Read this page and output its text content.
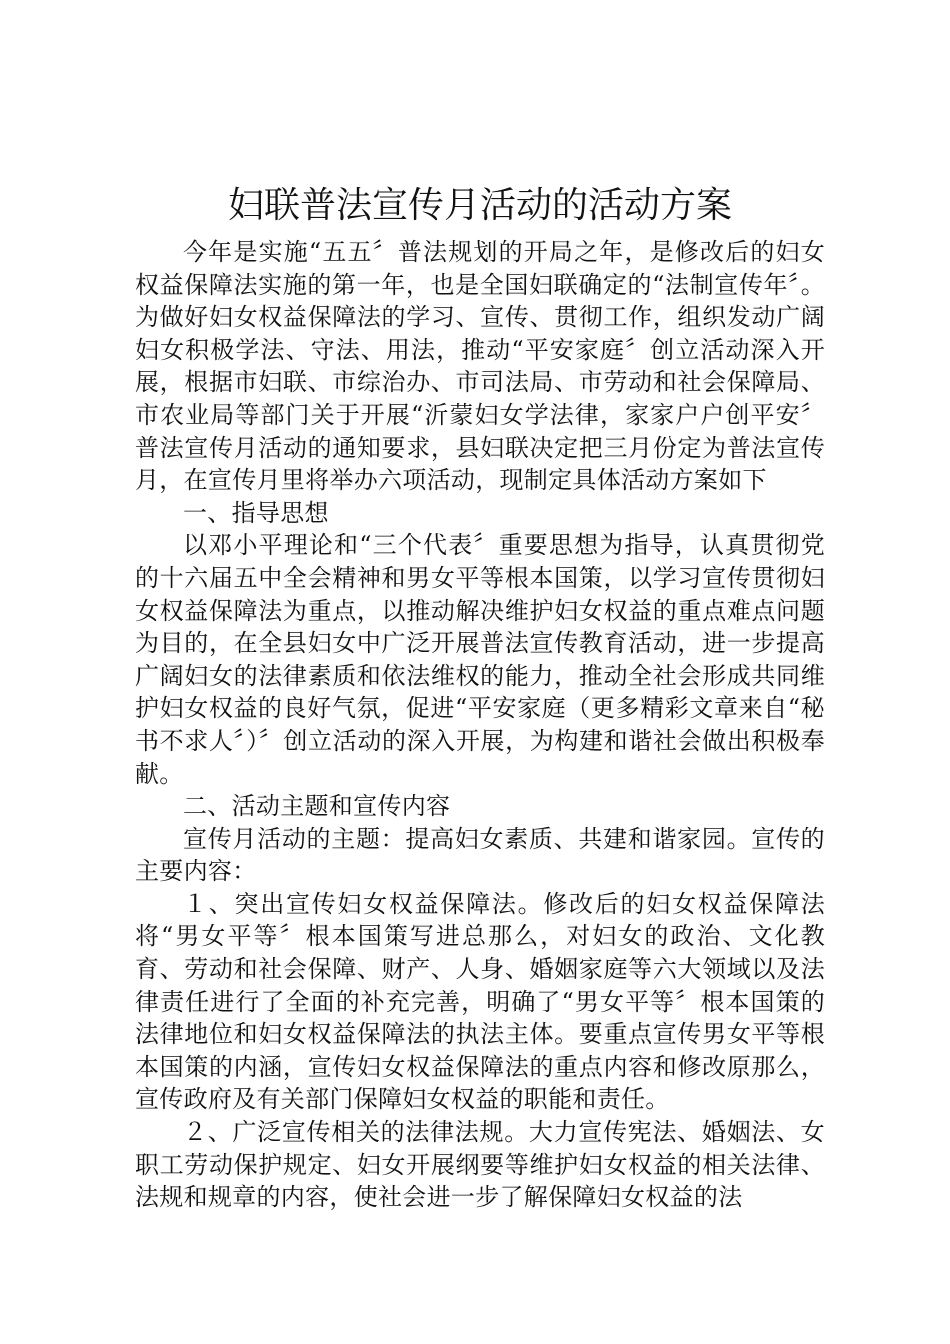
妇联普法宣传月活动的活动方案

今年是实施“五五〞普法规划的开局之年，是修改后的妇女权益保障法实施的第一年，也是全国妇联确定的“法制宣传年〞。为做好妇女权益保障法的学习、宣传、贯彻工作，组织发动广阔妇女积极学法、守法、用法，推动“平安家庭〞创立活动深入开展，根据市妇联、市综治办、市司法局、市劳动和社会保障局、市农业局等部门关于开展“沂蒙妇女学法律，家家户户创平安〞普法宣传月活动的通知要求，县妇联决定把三月份定为普法宣传月，在宣传月里将举办六项活动，现制定具体活动方案如下

一、指导思想

以邓小平理论和“三个代表〞重要思想为指导，认真贯彻党的十六届五中全会精神和男女平等根本国策，以学习宣传贯彻妇女权益保障法为重点，以推动解决维护妇女权益的重点难点问题为目的，在全县妇女中广泛开展普法宣传教育活动，进一步提高广阔妇女的法律素质和依法维权的能力，推动全社会形成共同维护妇女权益的良好气氛，促进“平安家庭（更多精彩文章来自“秘书不求人〞）〞创立活动的深入开展，为构建和谐社会做出积极奉献。

二、活动主题和宣传内容

宣传月活动的主题：提高妇女素质、共建和谐家园。宣传的主要内容：

１、突出宣传妇女权益保障法。修改后的妇女权益保障法将“男女平等〞根本国策写进总那么，对妇女的政治、文化教育、劳动和社会保障、财产、人身、婚姻家庭等六大领域以及法律责任进行了全面的补充完善，明确了“男女平等〞根本国策的法律地位和妇女权益保障法的执法主体。要重点宣传男女平等根本国策的内涵，宣传妇女权益保障法的重点内容和修改原那么，宣传政府及有关部门保障妇女权益的职能和责任。

２、广泛宣传相关的法律法规。大力宣传宪法、婚姻法、女职工劳动保护规定、妇女开展纲要等维护妇女权益的相关法律、法规和规章的内容，使社会进一步了解保障妇女权益的法
